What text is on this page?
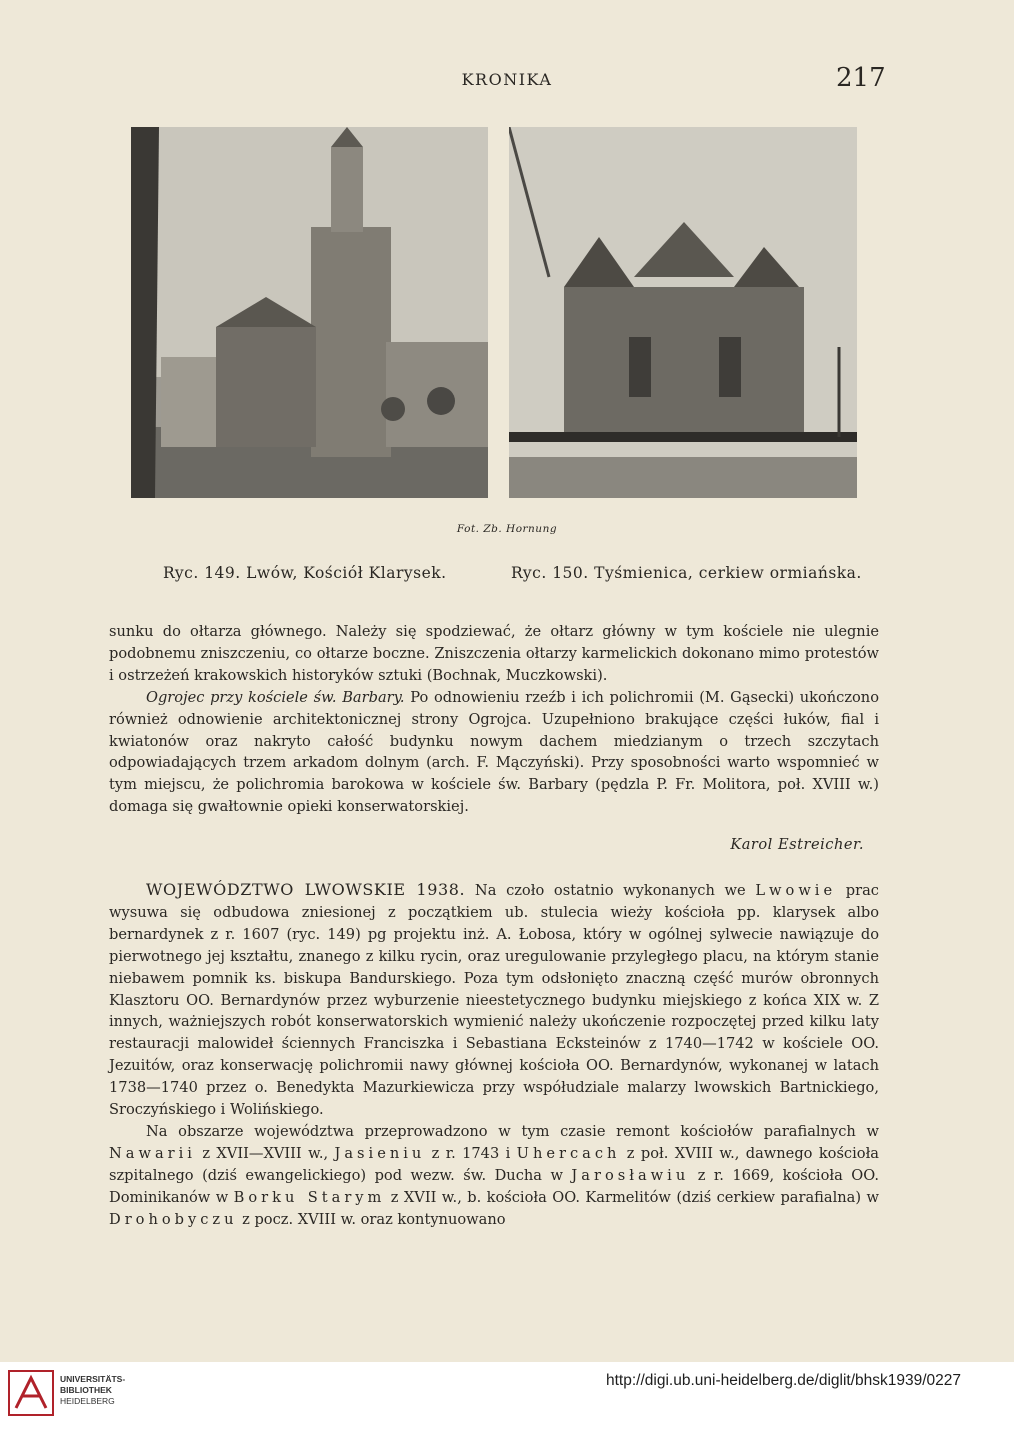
KRONIKA	217
Fot. Zb. Hornung
Ryc. 149. Lwów, Kościół Klarysek.	Ryc. 150. Tyśmienica, cerkiew ormiańska.

sunku do ołtarza głównego. Należy się spodziewać, że ołtarz główny w tym kościele nie ulegnie podobnemu zniszczeniu, co ołtarze boczne. Zniszczenia ołtarzy karmelickich dokonano mimo protestów i ostrzeżeń krakowskich historyków sztuki (Bochnak, Muczkowski).

Ogrojec przy kościele św. Barbary. Po odnowieniu rzeźb i ich polichromii (M. Gąsecki) ukończono również odnowienie architektonicznej strony Ogrojca. Uzupełniono brakujące części łuków, fial i kwiatonów oraz nakryto całość budynku nowym dachem miedzianym o trzech szczytach odpowiadających trzem arkadom dolnym (arch. F. Mączyński). Przy sposobności warto wspomnieć w tym miejscu, że polichromia barokowa w kościele św. Barbary (pędzla P. Fr. Molitora, poł. XVIII w.) domaga się gwałtownie opieki konserwatorskiej.

Karol Estreicher.

WOJEWÓDZTWO LWOWSKIE 1938. Na czoło ostatnio wykonanych we Lwowie prac wysuwa się odbudowa zniesionej z początkiem ub. stulecia wieży kościoła pp. klarysek albo bernardynek z r. 1607 (ryc. 149) pg projektu inż. A. Łobosa, który w ogólnej sylwecie nawiązuje do pierwotnego jej kształtu, znanego z kilku rycin, oraz uregulowanie przyległego placu, na którym stanie niebawem pomnik ks. biskupa Bandurskiego. Poza tym odsłonięto znaczną część murów obronnych Klasztoru OO. Bernardynów przez wyburzenie nieestetycznego budynku miejskiego z końca XIX w. Z innych, ważniejszych robót konserwatorskich wymienić należy ukończenie rozpoczętej przed kilku laty restauracji malowideł ściennych Franciszka i Sebastiana Ecksteinów z 1740—1742 w kościele OO. Jezuitów, oraz konserwację polichromii nawy głównej kościoła OO. Bernardynów, wykonanej w latach 1738—1740 przez o. Benedykta Mazurkiewicza przy współudziale malarzy lwowskich Bartnickiego, Sroczyńskiego i Wolińskiego.

Na obszarze województwa przeprowadzono w tym czasie remont kościołów parafialnych w Nawarii z XVII—XVIII w., Jasieniu z r. 1743 i Uhercach z poł. XVIII w., dawnego kościoła szpitalnego (dziś ewangelickiego) pod wezw. św. Ducha w Jarosławiu z r. 1669, kościoła OO. Dominikanów w Borku Starym z XVII w., b. kościoła OO. Karmelitów (dziś cerkiew parafialna) w Drohobyczu z pocz. XVIII w. oraz kontynuowano

UNIVERSITÄTS-
BIBLIOTHEK
HEIDELBERG
http://digi.ub.uni-heidelberg.de/diglit/bhsk1939/0227
